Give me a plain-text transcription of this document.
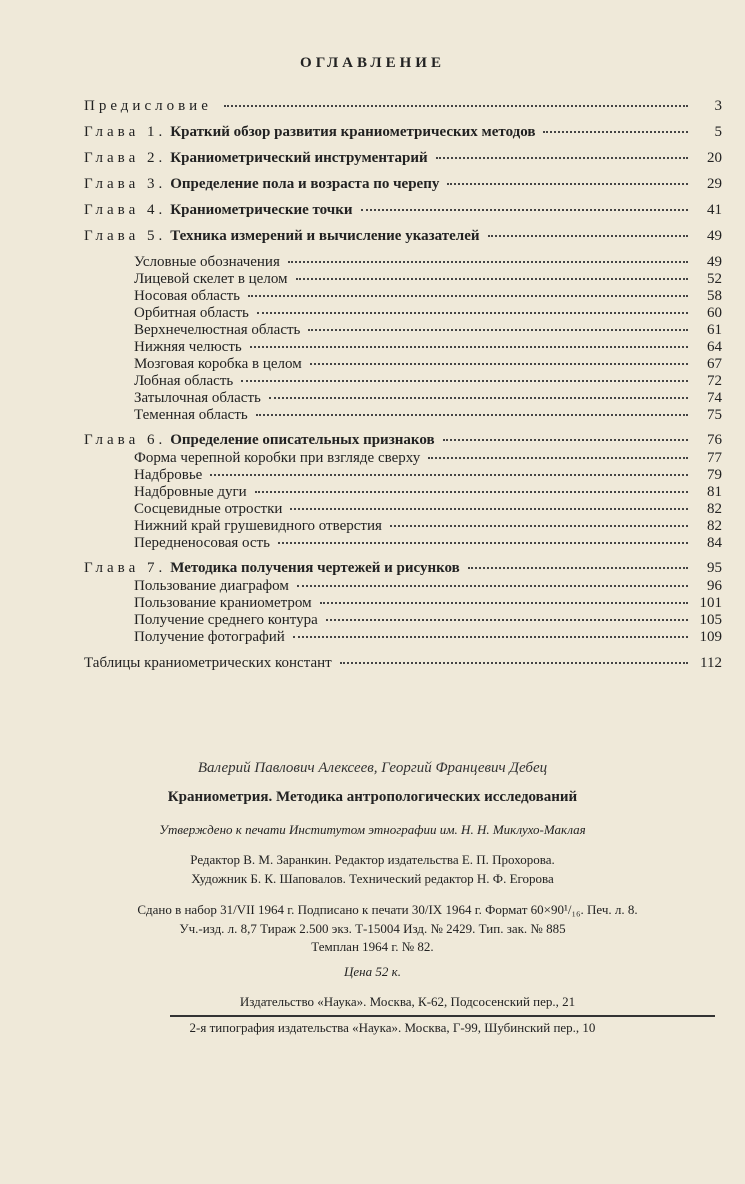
ОГЛАВЛЕНИЕ
Предисловие	3
Глава 1. Краткий обзор развития краниометрических методов	5
Глава 2. Краниометрический инструментарий	20
Глава 3. Определение пола и возраста по черепу	29
Глава 4. Краниометрические точки	41
Глава 5. Техника измерений и вычисление указателей	49
Условные обозначения	49
Лицевой скелет в целом	52
Носовая область	58
Орбитная область	60
Верхнечелюстная область	61
Нижняя челюсть	64
Мозговая коробка в целом	67
Лобная область	72
Затылочная область	74
Теменная область	75
Глава 6. Определение описательных признаков	76
Форма черепной коробки при взгляде сверху	77
Надбровье	79
Надбровные дуги	81
Сосцевидные отростки	82
Нижний край грушевидного отверстия	82
Передненосовая ость	84
Глава 7. Методика получения чертежей и рисунков	95
Пользование диаграфом	96
Пользование краниометром	101
Получение среднего контура	105
Получение фотографий	109
Таблицы краниометрических констант	112
Валерий Павлович Алексеев, Георгий Францевич Дебец
Краниометрия. Методика антропологических исследований
Утверждено к печати Институтом этнографии им. Н. Н. Миклухо-Маклая
Редактор В. М. Заранкин. Редактор издательства Е. П. Прохорова.
Художник Б. К. Шаповалов. Технический редактор Н. Ф. Егорова
Сдано в набор 31/VII 1964 г. Подписано к печати 30/IX 1964 г. Формат 60×90¹/₁₆. Печ. л. 8.
Уч.-изд. л. 8,7 Тираж 2.500 экз. Т-15004 Изд. № 2429. Тип. зак. № 885
Темплан 1964 г. № 82.
Цена 52 к.
Издательство «Наука». Москва, К-62, Подсосенский пер., 21
2-я типография издательства «Наука». Москва, Г-99, Шубинский пер., 10
